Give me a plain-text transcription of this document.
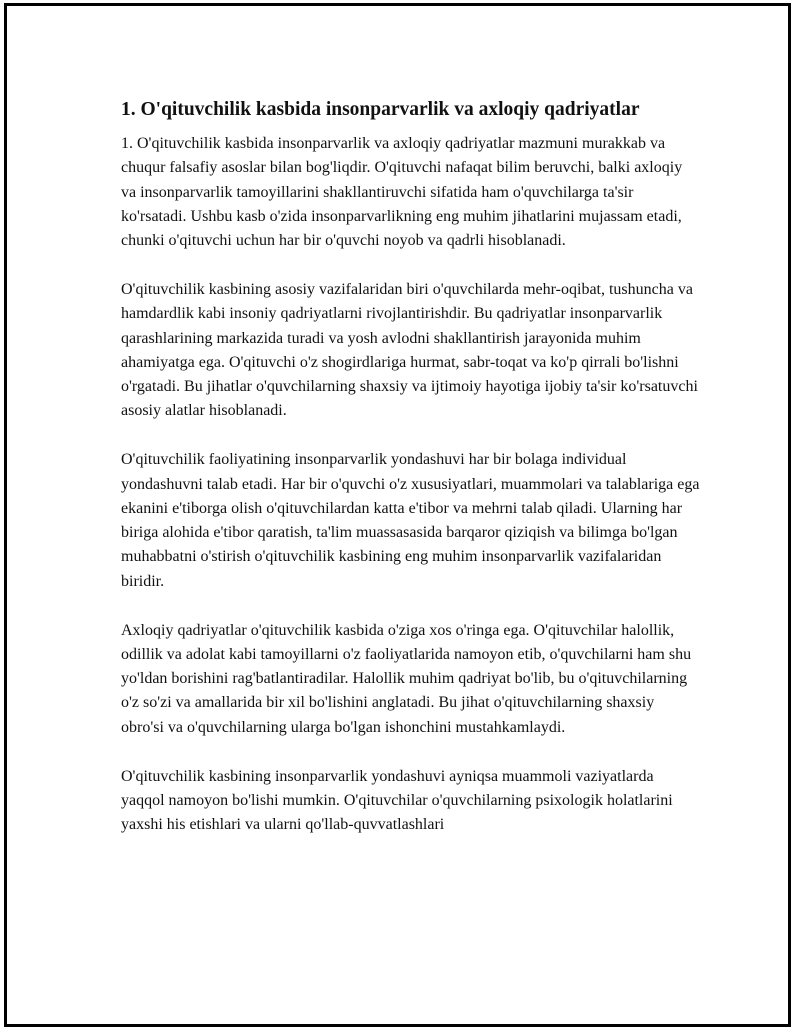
1. O'qituvchilik kasbida insonparvarlik va axloqiy qadriyatlar

1. O'qituvchilik kasbida insonparvarlik va axloqiy qadriyatlar mazmuni murakkab va chuqur falsafiy asoslar bilan bog'liqdir. O'qituvchi nafaqat bilim beruvchi, balki axloqiy va insonparvarlik tamoyillarini shakllantiruvchi sifatida ham o'quvchilarga ta'sir ko'rsatadi. Ushbu kasb o'zida insonparvarlikning eng muhim jihatlarini mujassam etadi, chunki o'qituvchi uchun har bir o'quvchi noyob va qadrli hisoblanadi.

O'qituvchilik kasbining asosiy vazifalaridan biri o'quvchilarda mehr-oqibat, tushuncha va hamdardlik kabi insoniy qadriyatlarni rivojlantirishdir. Bu qadriyatlar insonparvarlik qarashlarining markazida turadi va yosh avlodni shakllantirish jarayonida muhim ahamiyatga ega. O'qituvchi o'z shogirdlariga hurmat, sabr-toqat va ko'p qirrali bo'lishni o'rgatadi. Bu jihatlar o'quvchilarning shaxsiy va ijtimoiy hayotiga ijobiy ta'sir ko'rsatuvchi asosiy alatlar hisoblanadi.

O'qituvchilik faoliyatining insonparvarlik yondashuvi har bir bolaga individual yondashuvni talab etadi. Har bir o'quvchi o'z xususiyatlari, muammolari va talablariga ega ekanini e'tiborga olish o'qituvchilardan katta e'tibor va mehrni talab qiladi. Ularning har biriga alohida e'tibor qaratish, ta'lim muassasasida barqaror qiziqish va bilimga bo'lgan muhabbatni o'stirish o'qituvchilik kasbining eng muhim insonparvarlik vazifalaridan biridir.

Axloqiy qadriyatlar o'qituvchilik kasbida o'ziga xos o'ringa ega. O'qituvchilar halollik, odillik va adolat kabi tamoyillarni o'z faoliyatlarida namoyon etib, o'quvchilarni ham shu yo'ldan borishini rag'batlantiradilar. Halollik muhim qadriyat bo'lib, bu o'qituvchilarning o'z so'zi va amallarida bir xil bo'lishini anglatadi. Bu jihat o'qituvchilarning shaxsiy obro'si va o'quvchilarning ularga bo'lgan ishonchini mustahkamlaydi.

O'qituvchilik kasbining insonparvarlik yondashuvi ayniqsa muammoli vaziyatlarda yaqqol namoyon bo'lishi mumkin. O'qituvchilar o'quvchilarning psixologik holatlarini yaxshi his etishlari va ularni qo'llab-quvvatlashlari
